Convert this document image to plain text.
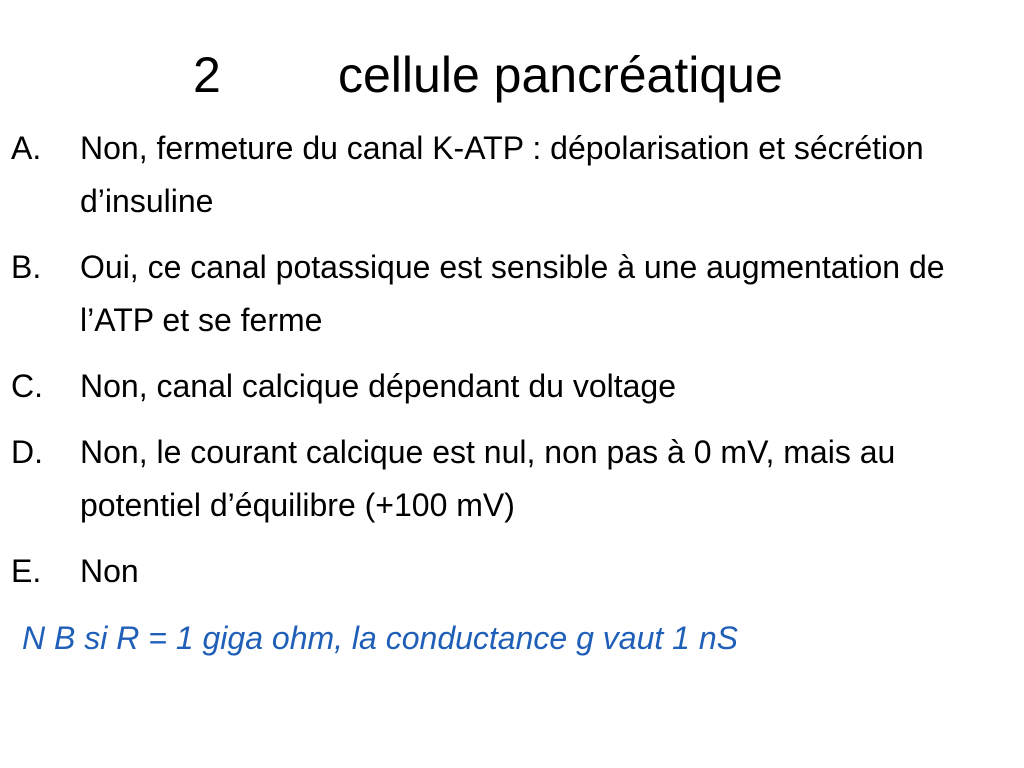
2 cellule pancréatique
A. Non, fermeture du canal K-ATP : dépolarisation et sécrétion d’insuline
B. Oui, ce canal potassique est sensible à une augmentation de l’ATP et se ferme
C. Non, canal calcique dépendant du voltage
D. Non, le courant calcique est nul, non pas à 0 mV, mais au potentiel d’équilibre (+100 mV)
E. Non
N B si R = 1 giga ohm, la conductance g vaut 1 nS
